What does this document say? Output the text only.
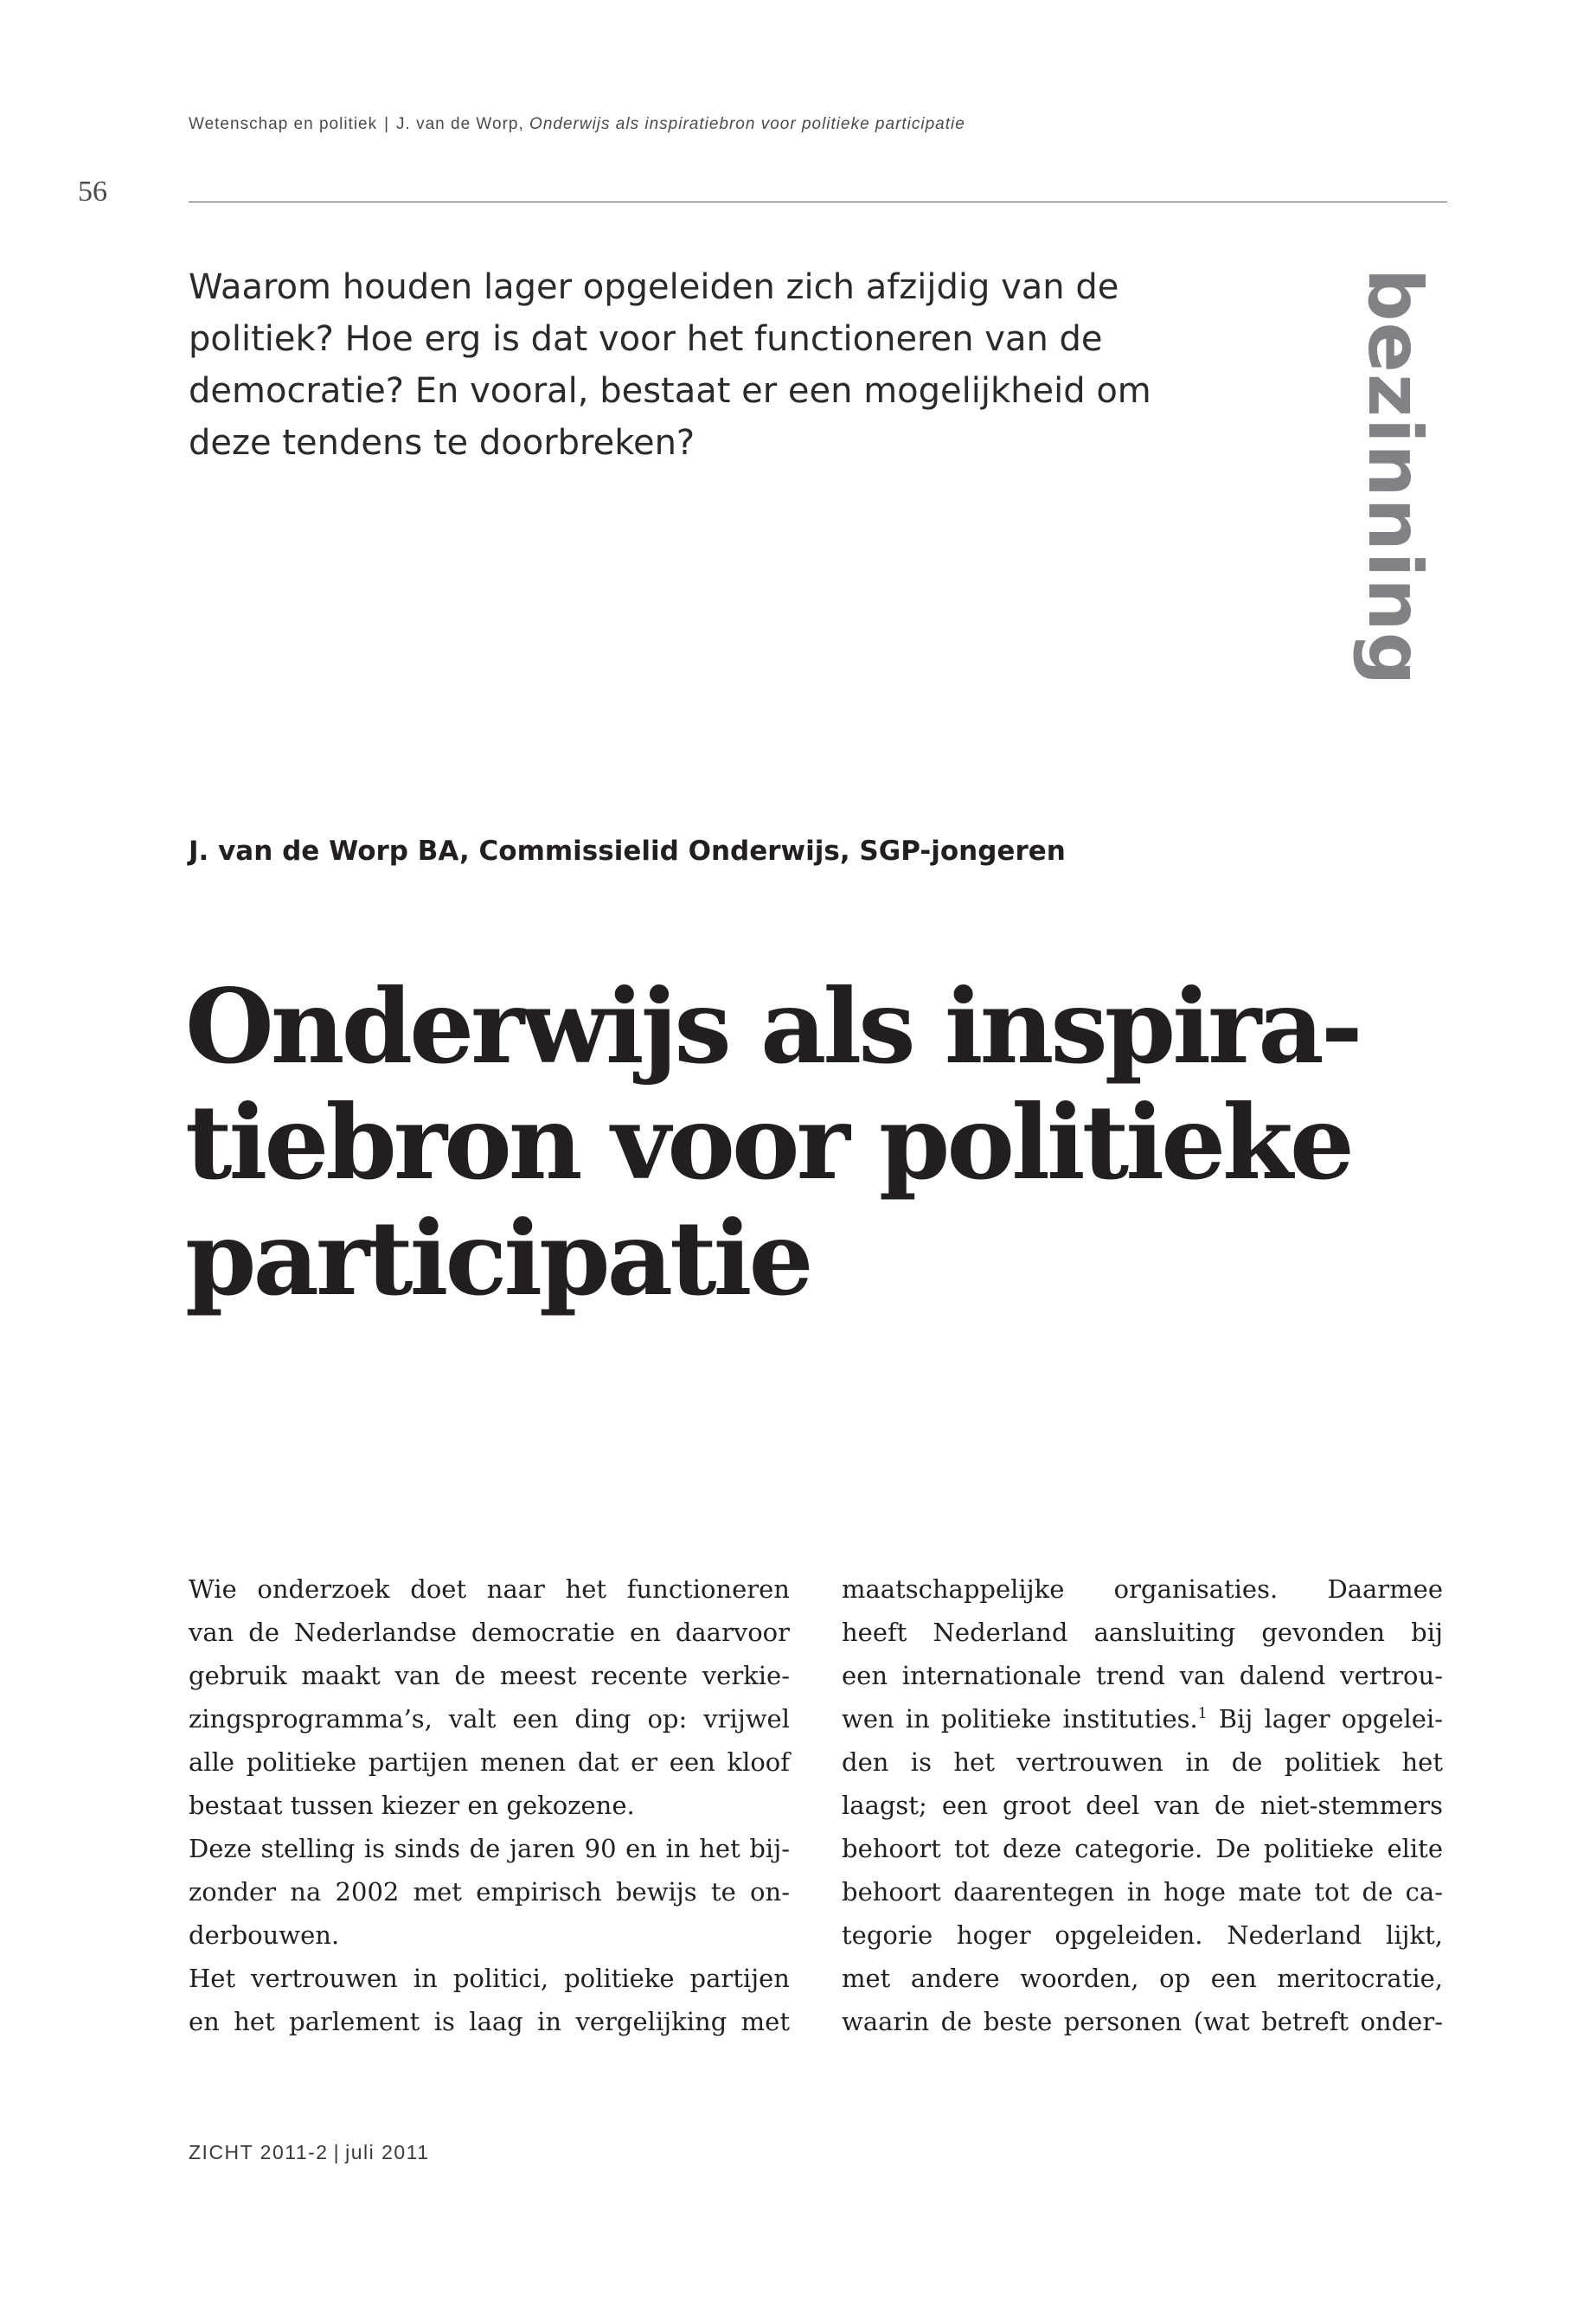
Wetenschap en politiek | J. van de Worp, Onderwijs als inspiratiebron voor politieke participatie
56
Waarom houden lager opgeleiden zich afzijdig van de politiek? Hoe erg is dat voor het functioneren van de democratie? En vooral, bestaat er een mogelijkheid om deze tendens te doorbreken?	bezinning
J. van de Worp BA, Commissielid Onderwijs, SGP-jongeren
Onderwijs als inspira-
tiebron voor politieke
participatie
Wie onderzoek doet naar het functioneren
van de Nederlandse democratie en daarvoor
gebruik maakt van de meest recente verkie-
zingsprogramma’s, valt een ding op: vrijwel
alle politieke partijen menen dat er een kloof
bestaat tussen kiezer en gekozene.
Deze stelling is sinds de jaren 90 en in het bij-
zonder na 2002 met empirisch bewijs te on-
derbouwen.
Het vertrouwen in politici, politieke partijen
en het parlement is laag in vergelijking met
maatschappelijke organisaties. Daarmee
heeft Nederland aansluiting gevonden bij
een internationale trend van dalend vertrou-
wen in politieke instituties.$^1$ Bij lager opgelei-
den is het vertrouwen in de politiek het
laagst; een groot deel van de niet-stemmers
behoort tot deze categorie. De politieke elite
behoort daarentegen in hoge mate tot de ca-
tegorie hoger opgeleiden. Nederland lijkt,
met andere woorden, op een meritocratie,
waarin de beste personen (wat betreft onder-
ZICHT 2011-2 | juli 2011
